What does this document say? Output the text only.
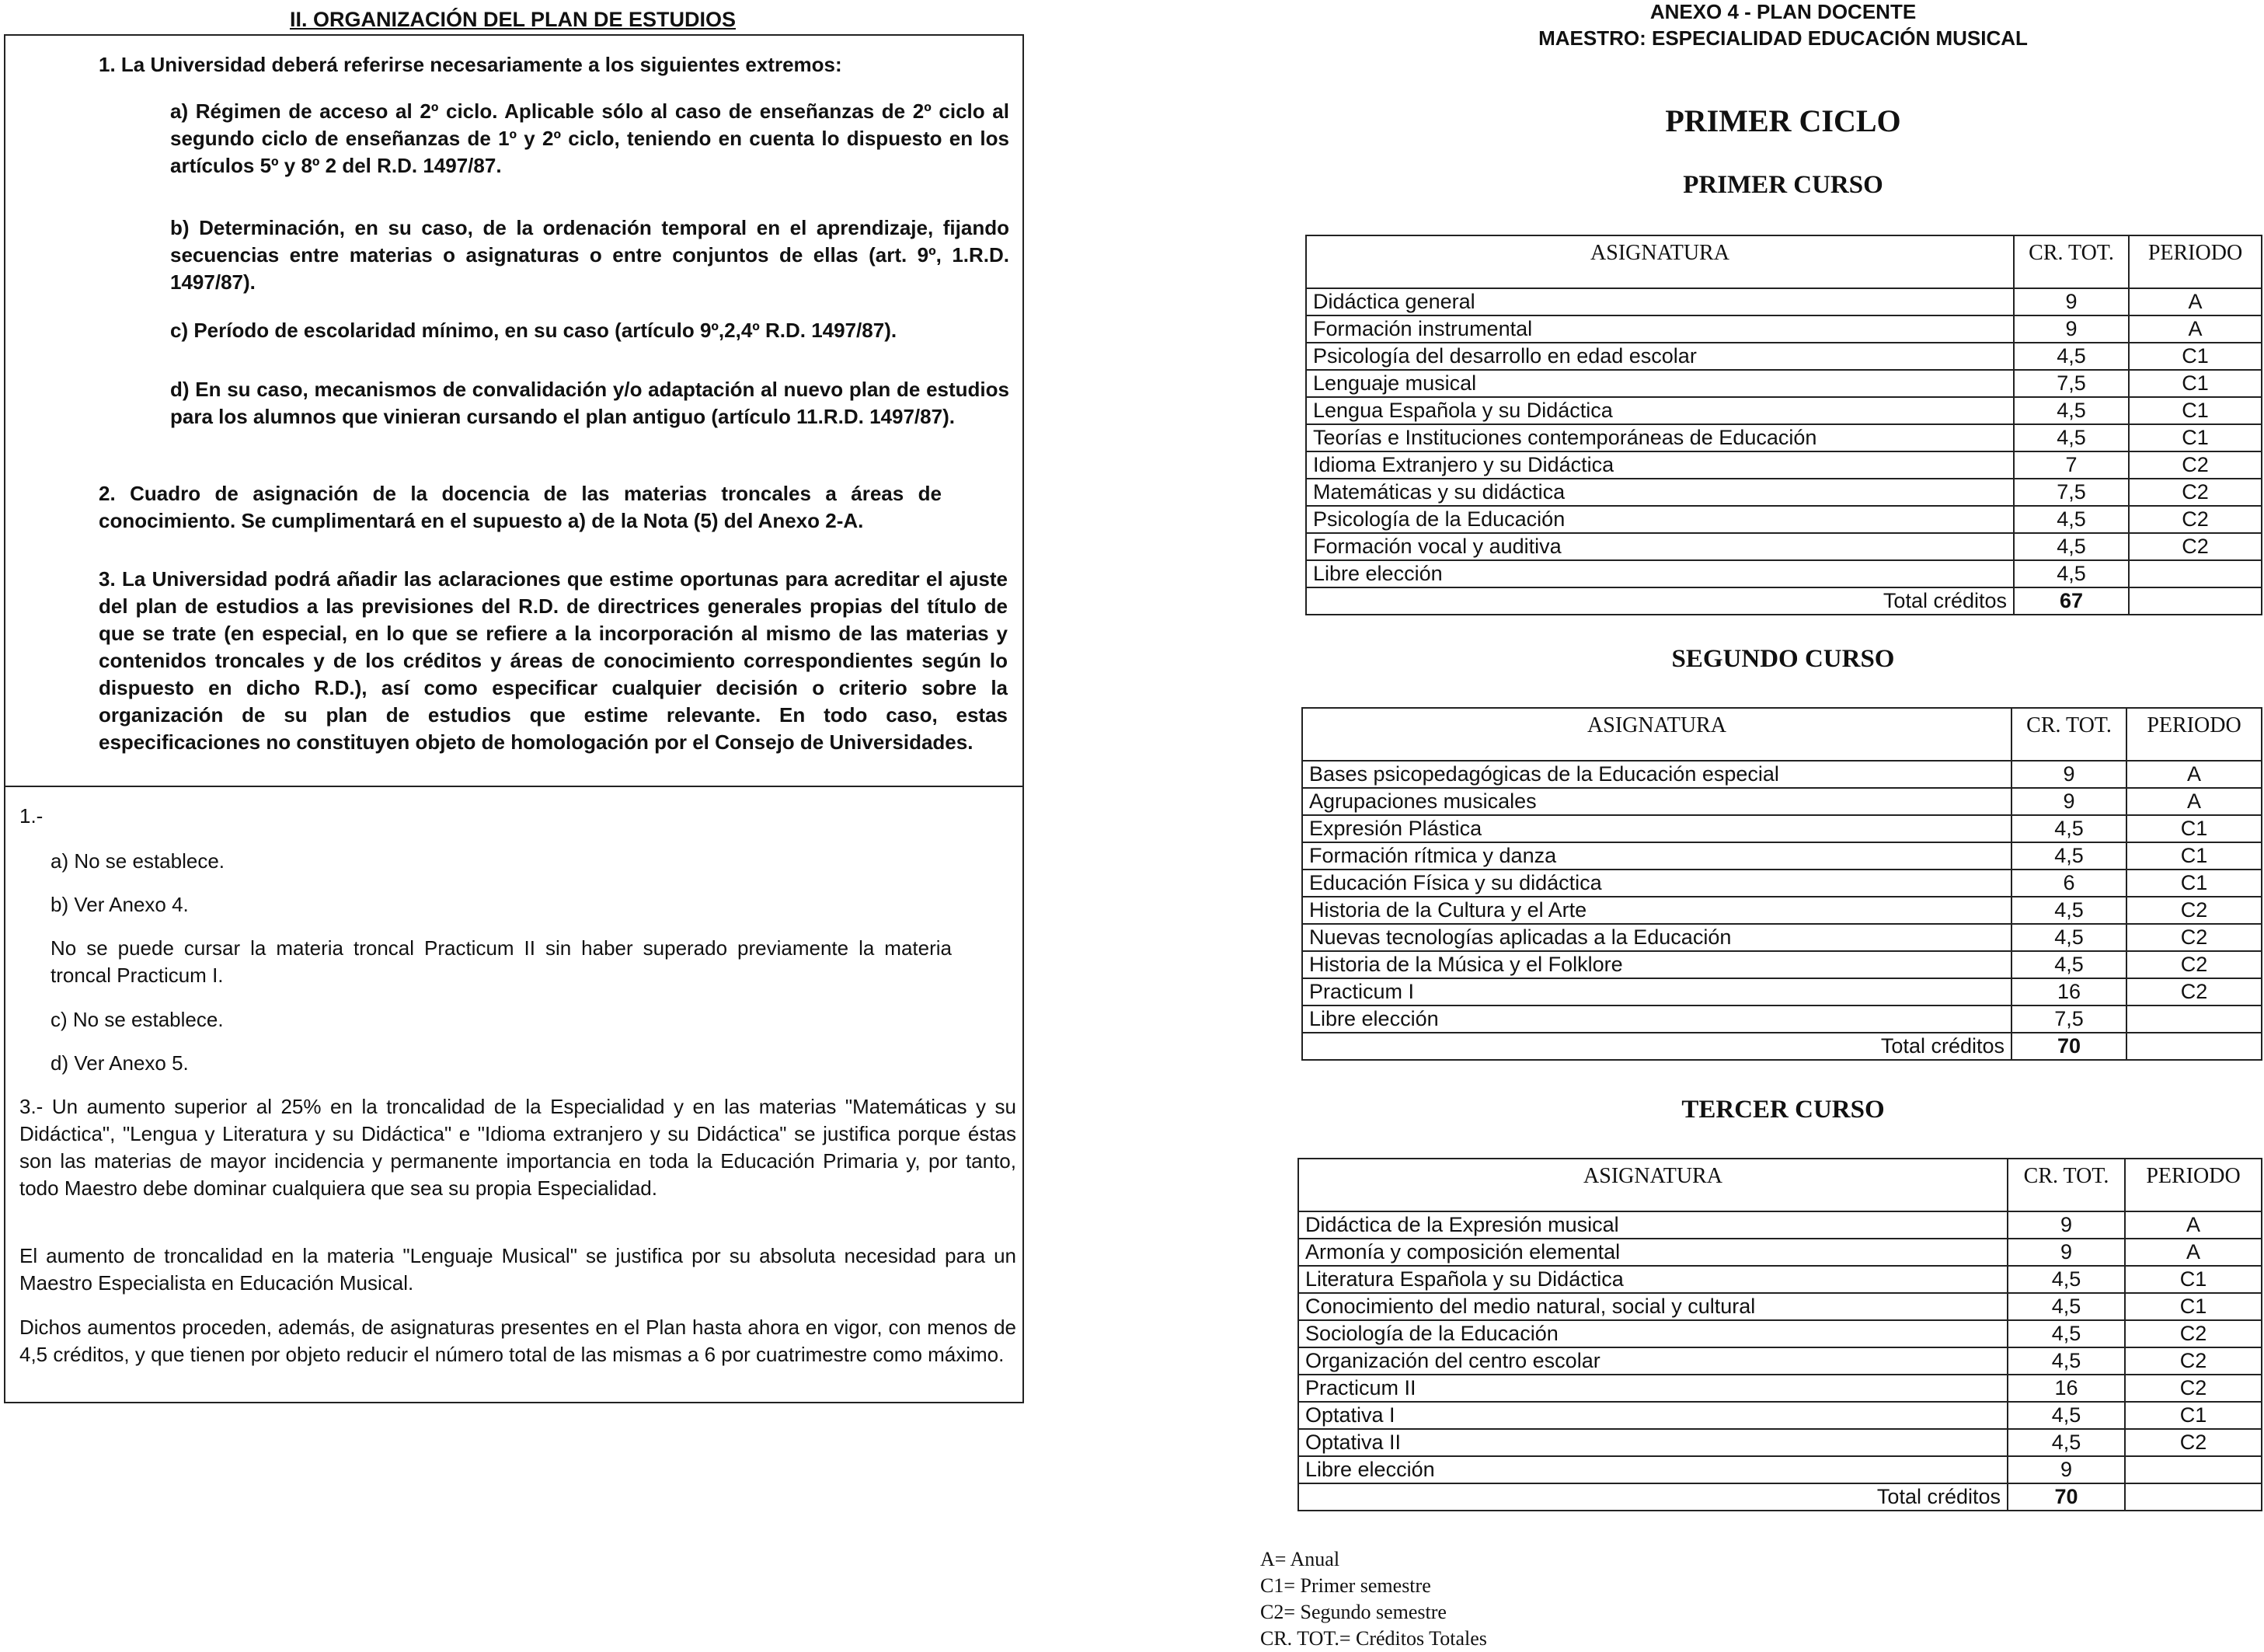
II. ORGANIZACIÓN DEL PLAN DE ESTUDIOS

1. La Universidad deberá referirse necesariamente a los siguientes extremos:

a) Régimen de acceso al 2º ciclo. Aplicable sólo al caso de enseñanzas de 2º ciclo al segundo ciclo de enseñanzas de 1º y 2º ciclo, teniendo en cuenta lo dispuesto en los artículos 5º y 8º 2 del R.D. 1497/87.

b) Determinación, en su caso, de la ordenación temporal en el aprendizaje, fijando secuencias entre materias o asignaturas o entre conjuntos de ellas (art. 9º, 1.R.D. 1497/87).

c) Período de escolaridad mínimo, en su caso (artículo 9º,2,4º R.D. 1497/87).

d) En su caso, mecanismos de convalidación y/o adaptación al nuevo plan de estudios para los alumnos que vinieran cursando el plan antiguo (artículo 11.R.D. 1497/87).

2. Cuadro de asignación de la docencia de las materias troncales a áreas de conocimiento. Se cumplimentará en el supuesto a) de la Nota (5) del Anexo 2-A.

3. La Universidad podrá añadir las aclaraciones que estime oportunas para acreditar el ajuste del plan de estudios a las previsiones del R.D. de directrices generales propias del título de que se trate (en especial, en lo que se refiere a la incorporación al mismo de las materias y contenidos troncales y de los créditos y áreas de conocimiento correspondientes según lo dispuesto en dicho R.D.), así como especificar cualquier decisión o criterio sobre la organización de su plan de estudios que estime relevante. En todo caso, estas especificaciones no constituyen objeto de homologación por el Consejo de Universidades.

1.-

a) No se establece.

b) Ver Anexo 4.

No se puede cursar la materia troncal Practicum II sin haber superado previamente la materia troncal Practicum I.

c) No se establece.

d) Ver Anexo 5.

3.- Un aumento superior al 25% en la troncalidad de la Especialidad y en las materias "Matemáticas y su Didáctica", "Lengua y Literatura y su Didáctica" e "Idioma extranjero y su Didáctica" se justifica porque éstas son las materias de mayor incidencia y permanente importancia en toda la Educación Primaria y, por tanto, todo Maestro debe dominar cualquiera que sea su propia Especialidad.

El aumento de troncalidad en la materia "Lenguaje Musical" se justifica por su absoluta necesidad para un Maestro Especialista en Educación Musical.

Dichos aumentos proceden, además, de asignaturas presentes en el Plan hasta ahora en vigor, con menos de 4,5 créditos, y que tienen por objeto reducir el número total de las mismas a 6 por cuatrimestre como máximo.

ANEXO 4 - PLAN DOCENTE
MAESTRO: ESPECIALIDAD EDUCACIÓN MUSICAL
PRIMER CICLO
PRIMER CURSO
ASIGNATURA	CR. TOT.	PERIODO
Didáctica general	9	A
Formación instrumental	9	A
Psicología del desarrollo en edad escolar	4,5	C1
Lenguaje musical	7,5	C1
Lengua Española y su Didáctica	4,5	C1
Teorías e Instituciones contemporáneas de Educación	4,5	C1
Idioma Extranjero y su Didáctica	7	C2
Matemáticas y su didáctica	7,5	C2
Psicología de la Educación	4,5	C2
Formación vocal y auditiva	4,5	C2
Libre elección	4,5	
Total créditos	67	
SEGUNDO CURSO
ASIGNATURA	CR. TOT.	PERIODO
Bases psicopedagógicas de la Educación especial	9	A
Agrupaciones musicales	9	A
Expresión Plástica	4,5	C1
Formación rítmica y danza	4,5	C1
Educación Física y su didáctica	6	C1
Historia de la Cultura y el Arte	4,5	C2
Nuevas tecnologías aplicadas a la Educación	4,5	C2
Historia de la Música y el Folklore	4,5	C2
Practicum I	16	C2
Libre elección	7,5	
Total créditos	70	
TERCER CURSO
ASIGNATURA	CR. TOT.	PERIODO
Didáctica de la Expresión musical	9	A
Armonía y composición elemental	9	A
Literatura Española y su Didáctica	4,5	C1
Conocimiento del medio natural, social y cultural	4,5	C1
Sociología de la Educación	4,5	C2
Organización del centro escolar	4,5	C2
Practicum II	16	C2
Optativa I	4,5	C1
Optativa II	4,5	C2
Libre elección	9	
Total créditos	70	
A= Anual
C1= Primer semestre
C2= Segundo semestre
CR. TOT.= Créditos Totales
